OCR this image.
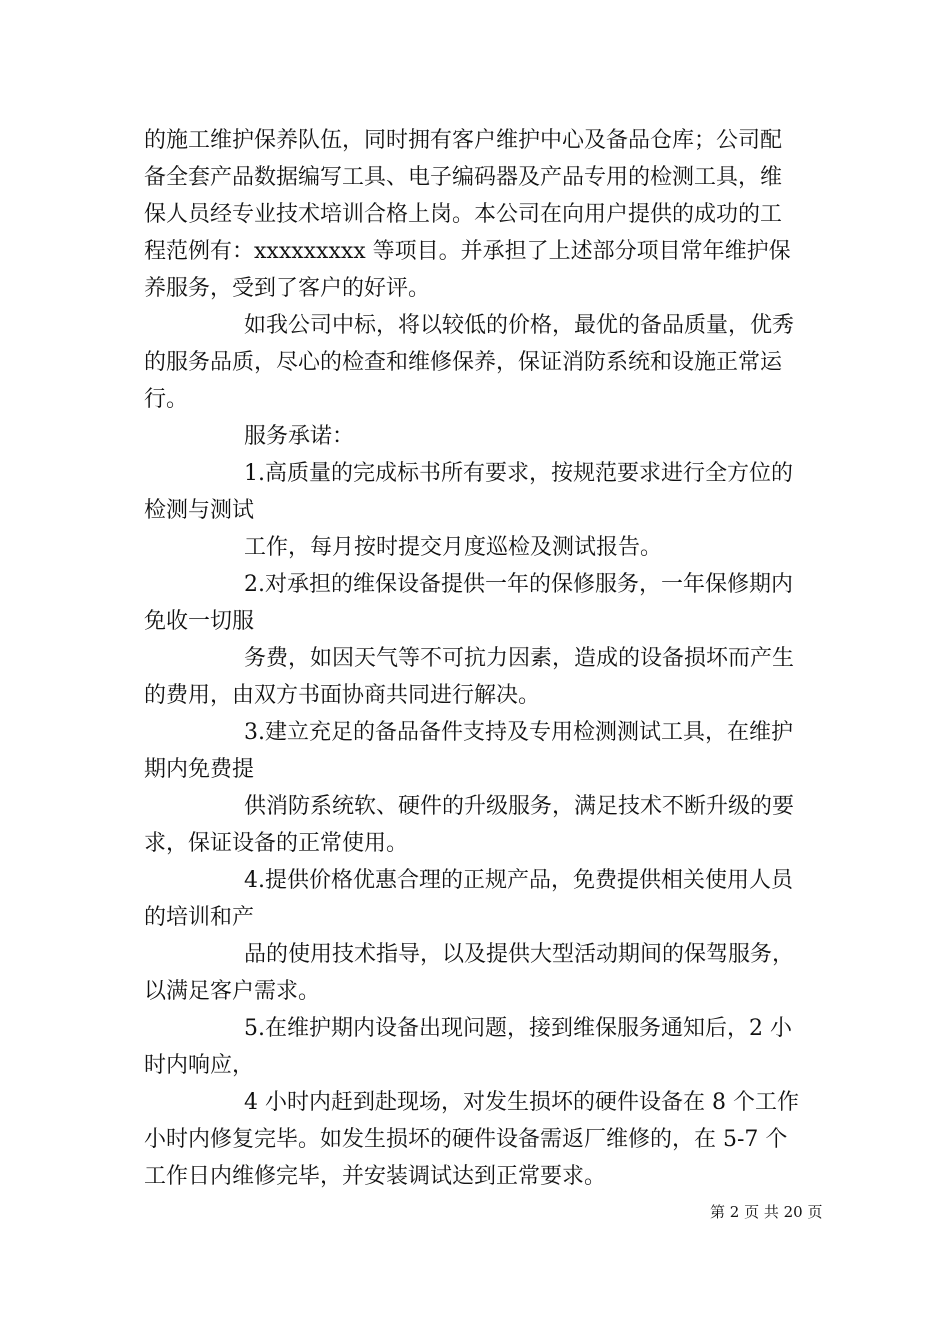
的施工维护保养队伍，同时拥有客户维护中心及备品仓库；公司配
备全套产品数据编写工具、电子编码器及产品专用的检测工具，维
保人员经专业技术培训合格上岗。本公司在向用户提供的成功的工
程范例有：xxxxxxxxx 等项目。并承担了上述部分项目常年维护保
养服务，受到了客户的好评。
如我公司中标，将以较低的价格，最优的备品质量，优秀
的服务品质，尽心的检查和维修保养，保证消防系统和设施正常运
行。
服务承诺：
1.高质量的完成标书所有要求，按规范要求进行全方位的
检测与测试
工作，每月按时提交月度巡检及测试报告。
2.对承担的维保设备提供一年的保修服务，一年保修期内
免收一切服
务费，如因天气等不可抗力因素，造成的设备损坏而产生
的费用，由双方书面协商共同进行解决。
3.建立充足的备品备件支持及专用检测测试工具，在维护
期内免费提
供消防系统软、硬件的升级服务，满足技术不断升级的要
求，保证设备的正常使用。
4.提供价格优惠合理的正规产品，免费提供相关使用人员
的培训和产
品的使用技术指导，以及提供大型活动期间的保驾服务，
以满足客户需求。
5.在维护期内设备出现问题，接到维保服务通知后，2 小
时内响应，
4 小时内赶到赴现场，对发生损坏的硬件设备在 8 个工作
小时内修复完毕。如发生损坏的硬件设备需返厂维修的，在 5-7 个
工作日内维修完毕，并安装调试达到正常要求。
第 2 页 共 20 页
